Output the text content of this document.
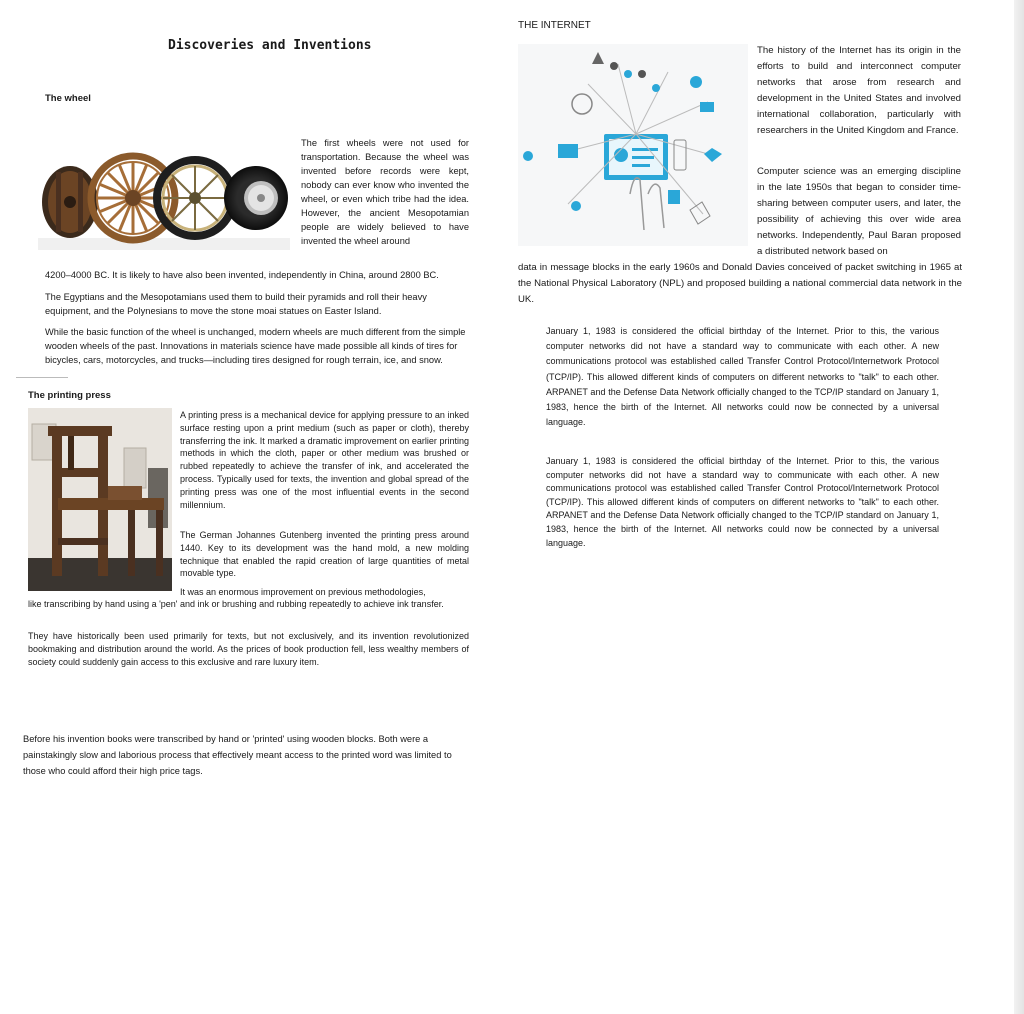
Discoveries and Inventions
The wheel

The first wheels were not used for transportation. Because the wheel was invented before records were kept, nobody can ever know who invented the wheel, or even which tribe had the idea. However, the ancient Mesopotamian people are widely believed to have invented the wheel around

4200–4000 BC. It is likely to have also been invented, independently in China, around 2800 BC.

The Egyptians and the Mesopotamians used them to build their pyramids and roll their heavy equipment, and the Polynesians to move the stone moai statues on Easter Island.

While the basic function of the wheel is unchanged, modern wheels are much different from the simple wooden wheels of the past. Innovations in materials science have made possible all kinds of tires for bicycles, cars, motorcycles, and trucks—including tires designed for rough terrain, ice, and snow.

The printing press

A printing press is a mechanical device for applying pressure to an inked surface resting upon a print medium (such as paper or cloth), thereby transferring the ink. It marked a dramatic improvement on earlier printing methods in which the cloth, paper or other medium was brushed or rubbed repeatedly to achieve the transfer of ink, and accelerated the process. Typically used for texts, the invention and global spread of the printing press was one of the most influential events in the second millennium.

The German Johannes Gutenberg invented the printing press around 1440. Key to its development was the hand mold, a new molding technique that enabled the rapid creation of large quantities of metal movable type.

It was an enormous improvement on previous methodologies,

like transcribing by hand using a 'pen' and ink or brushing and rubbing repeatedly to achieve ink transfer.

They have historically been used primarily for texts, but not exclusively, and its invention revolutionized bookmaking and distribution around the world. As the prices of book production fell, less wealthy members of society could suddenly gain access to this exclusive and rare luxury item.

Before his invention books were transcribed by hand or 'printed' using wooden blocks. Both were a painstakingly slow and laborious process that effectively meant access to the printed word was limited to those who could afford their high price tags.

THE INTERNET

The history of the Internet has its origin in the efforts to build and interconnect computer networks that arose from research and development in the United States and involved international collaboration, particularly with researchers in the United Kingdom and France.

Computer science was an emerging discipline in the late 1950s that began to consider time-sharing between computer users, and later, the possibility of achieving this over wide area networks. Independently, Paul Baran proposed a distributed network based on

data in message blocks in the early 1960s and Donald Davies conceived of packet switching in 1965 at the National Physical Laboratory (NPL) and proposed building a national commercial data network in the UK.

January 1, 1983 is considered the official birthday of the Internet. Prior to this, the various computer networks did not have a standard way to communicate with each other. A new communications protocol was established called Transfer Control Protocol/Internetwork Protocol (TCP/IP). This allowed different kinds of computers on different networks to "talk" to each other. ARPANET and the Defense Data Network officially changed to the TCP/IP standard on January 1, 1983, hence the birth of the Internet. All networks could now be connected by a universal language.

January 1, 1983 is considered the official birthday of the Internet. Prior to this, the various computer networks did not have a standard way to communicate with each other. A new communications protocol was established called Transfer Control Protocol/Internetwork Protocol (TCP/IP). This allowed different kinds of computers on different networks to "talk" to each other. ARPANET and the Defense Data Network officially changed to the TCP/IP standard on January 1, 1983, hence the birth of the Internet. All networks could now be connected by a universal language.
